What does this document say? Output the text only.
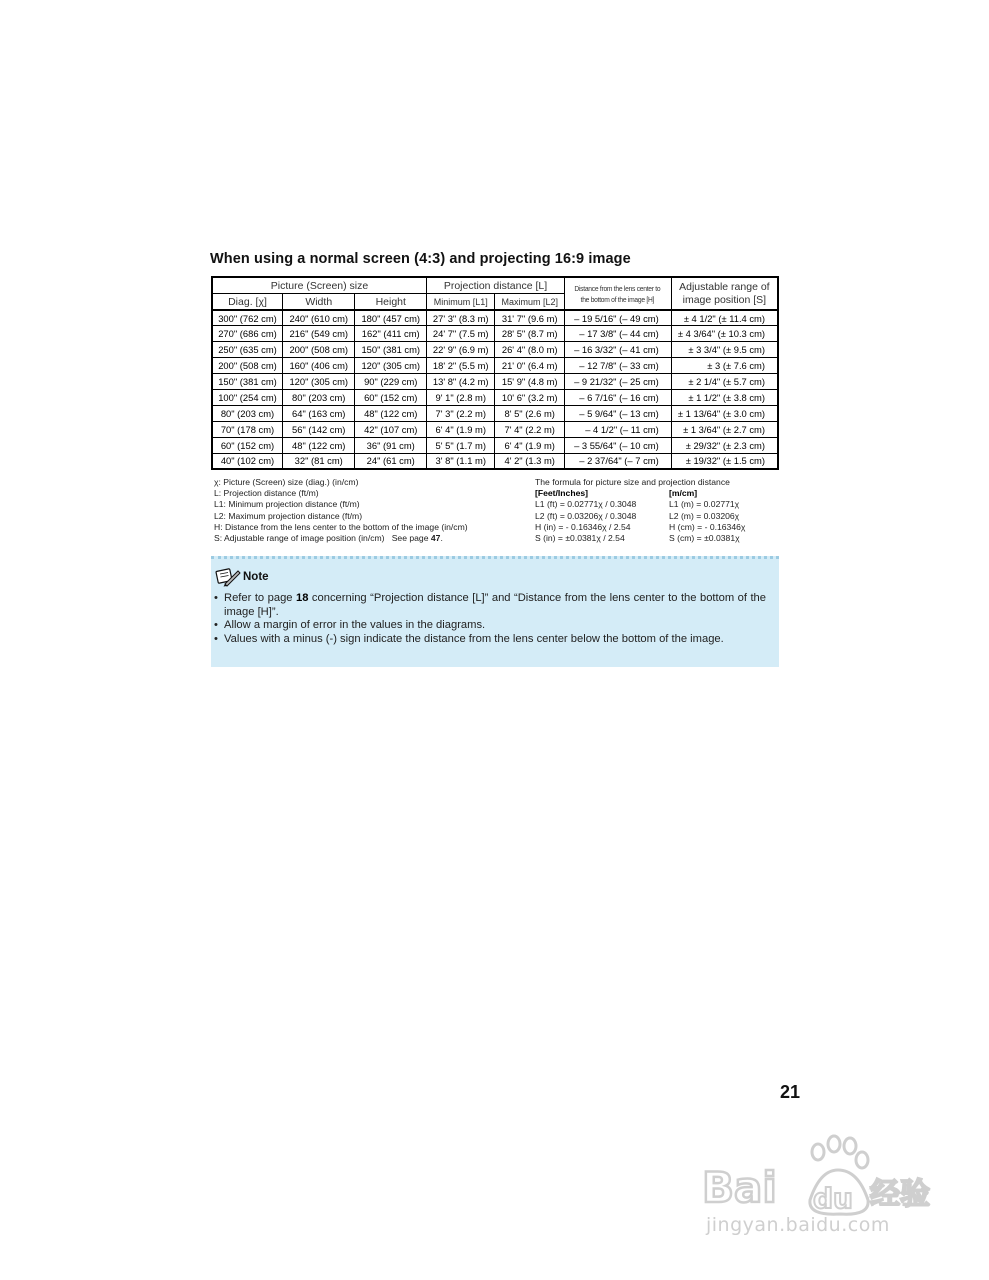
When using a normal screen (4:3) and projecting 16:9 image
Picture (Screen) size			Projection distance [L]		Distance from the lens center to the bottom of the image [H]	Adjustable range of image position [S]
Diag. [χ]	Width	Height	Minimum [L1]	Maximum [L2]		
300" (762 cm)	240" (610 cm)	180" (457 cm)	27' 3" (8.3 m)	31' 7" (9.6 m)	– 19 5/16" (– 49 cm)	± 4 1/2" (± 11.4 cm)
270" (686 cm)	216" (549 cm)	162" (411 cm)	24' 7" (7.5 m)	28' 5" (8.7 m)	– 17 3/8" (– 44 cm)	± 4 3/64" (± 10.3 cm)
250" (635 cm)	200" (508 cm)	150" (381 cm)	22' 9" (6.9 m)	26' 4" (8.0 m)	– 16 3/32" (– 41 cm)	± 3 3/4" (± 9.5 cm)
200" (508 cm)	160" (406 cm)	120" (305 cm)	18' 2" (5.5 m)	21' 0" (6.4 m)	– 12 7/8" (– 33 cm)	± 3 (± 7.6 cm)
150" (381 cm)	120" (305 cm)	90" (229 cm)	13' 8" (4.2 m)	15' 9" (4.8 m)	– 9 21/32" (– 25 cm)	± 2 1/4" (± 5.7 cm)
100" (254 cm)	80" (203 cm)	60" (152 cm)	9' 1" (2.8 m)	10' 6" (3.2 m)	– 6 7/16" (– 16 cm)	± 1 1/2" (± 3.8 cm)
80" (203 cm)	64" (163 cm)	48" (122 cm)	7' 3" (2.2 m)	8' 5" (2.6 m)	– 5 9/64" (– 13 cm)	± 1 13/64" (± 3.0 cm)
70" (178 cm)	56" (142 cm)	42" (107 cm)	6' 4" (1.9 m)	7' 4" (2.2 m)	– 4 1/2" (– 11 cm)	± 1 3/64" (± 2.7 cm)
60" (152 cm)	48" (122 cm)	36" (91 cm)	5' 5" (1.7 m)	6' 4" (1.9 m)	– 3 55/64" (– 10 cm)	± 29/32" (± 2.3 cm)
40" (102 cm)	32" (81 cm)	24" (61 cm)	3' 8" (1.1 m)	4' 2" (1.3 m)	– 2 37/64" (– 7 cm)	± 19/32" (± 1.5 cm)
χ: Picture (Screen) size (diag.) (in/cm)
L: Projection distance (ft/m)
L1: Minimum projection distance (ft/m)
L2: Maximum projection distance (ft/m)
H: Distance from the lens center to the bottom of the image (in/cm)
S: Adjustable range of image position (in/cm)   See page 47.
The formula for picture size and projection distance
[Feet/Inches]
L1 (ft) = 0.02771χ / 0.3048
L2 (ft) = 0.03206χ / 0.3048
H (in) = - 0.16346χ / 2.54
S (in) = ±0.0381χ / 2.54
[m/cm]
L1 (m) = 0.02771χ
L2 (m) = 0.03206χ
H (cm) = - 0.16346χ
S (cm) = ±0.0381χ
Note
• Refer to page 18 concerning “Projection distance [L]” and “Distance from the lens center to the bottom of the image [H]”.
• Allow a margin of error in the values in the diagrams.
• Values with a minus (-) sign indicate the distance from the lens center below the bottom of the image.
21
Bai du 经验
jingyan.baidu.com
